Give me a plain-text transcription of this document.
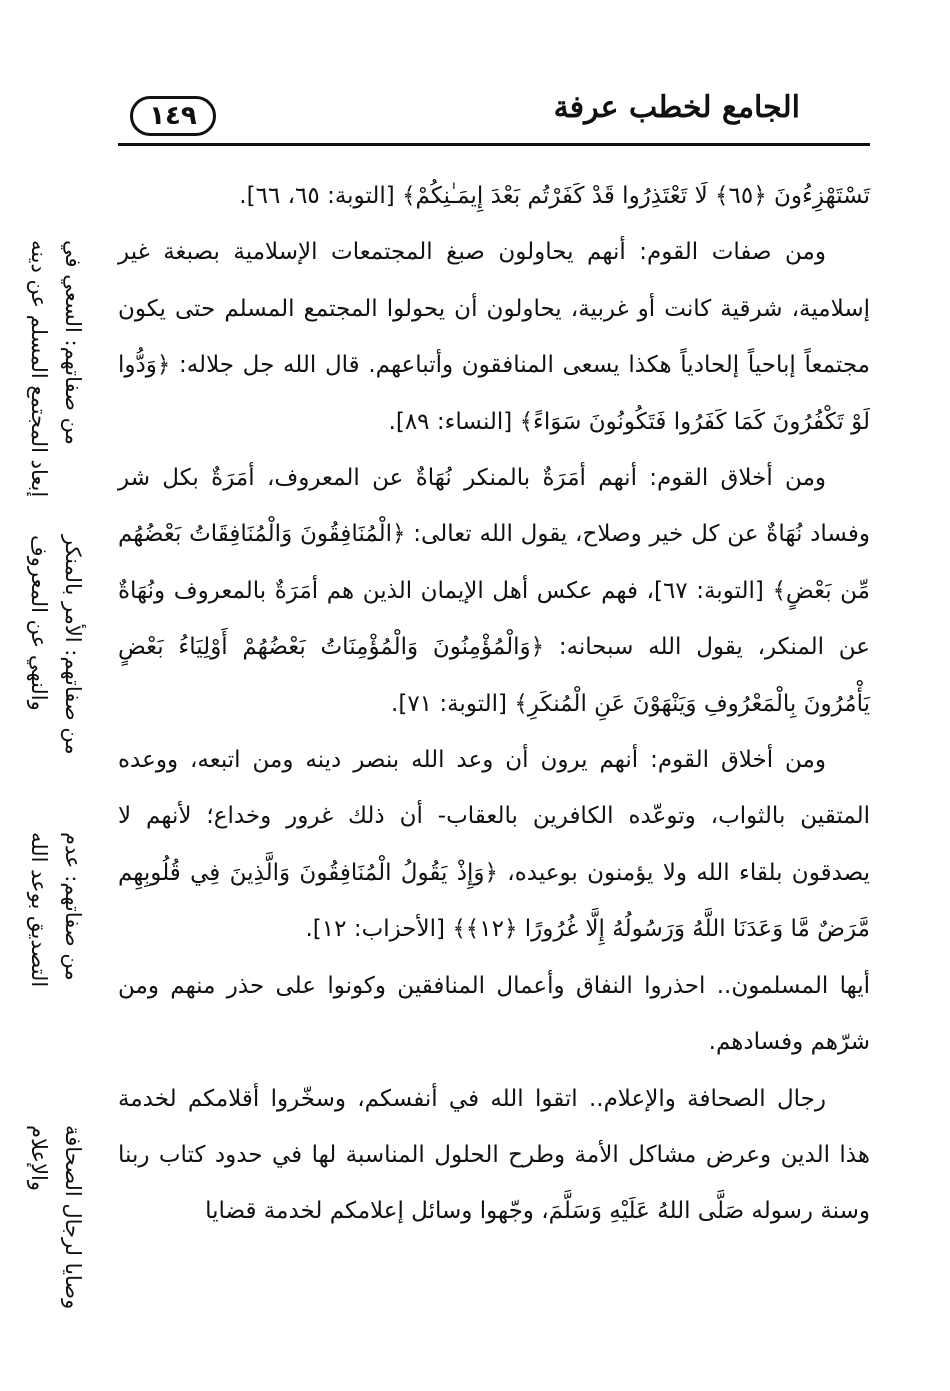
الجامع لخطب عرفة
١٤٩
من صفاتهم: السعي في
إبعاد المجتمع المسلم عن دينه
من صفاتهم: الأمر بالمنكر
والنهي عن المعروف
من صفاتهم: عدم
التصديق بوعد الله
وصايا لرجال الصحافة
والإعلام

تَسْتَهْزِءُونَ ﴿٦٥﴾ لَا تَعْتَذِرُوا قَدْ كَفَرْتُم بَعْدَ إِيمَـٰنِكُمْ﴾ [التوبة: ٦٥، ٦٦].

ومن صفات القوم: أنهم يحاولون صبغ المجتمعات الإسلامية بصبغة غير إسلامية، شرقية كانت أو غربية، يحاولون أن يحولوا المجتمع المسلم حتى يكون مجتمعاً إباحياً إلحادياً هكذا يسعى المنافقون وأتباعهم. قال الله جل جلاله: ﴿وَدُّوا لَوْ تَكْفُرُونَ كَمَا كَفَرُوا فَتَكُونُونَ سَوَاءً﴾ [النساء: ٨٩].

ومن أخلاق القوم: أنهم أمَرَةٌ بالمنكر نُهَاةٌ عن المعروف، أمَرَةٌ بكل شر وفساد نُهَاةٌ عن كل خير وصلاح، يقول الله تعالى: ﴿الْمُنَافِقُونَ وَالْمُنَافِقَاتُ بَعْضُهُم مِّن بَعْضٍ﴾ [التوبة: ٦٧]، فهم عكس أهل الإيمان الذين هم أمَرَةٌ بالمعروف ونُهَاةٌ عن المنكر، يقول الله سبحانه: ﴿وَالْمُؤْمِنُونَ وَالْمُؤْمِنَاتُ بَعْضُهُمْ أَوْلِيَاءُ بَعْضٍ يَأْمُرُونَ بِالْمَعْرُوفِ وَيَنْهَوْنَ عَنِ الْمُنكَرِ﴾ [التوبة: ٧١].

ومن أخلاق القوم: أنهم يرون أن وعد الله بنصر دينه ومن اتبعه، ووعده المتقين بالثواب، وتوعّده الكافرين بالعقاب- أن ذلك غرور وخداع؛ لأنهم لا يصدقون بلقاء الله ولا يؤمنون بوعيده، ﴿وَإِذْ يَقُولُ الْمُنَافِقُونَ وَالَّذِينَ فِي قُلُوبِهِم مَّرَضٌ مَّا وَعَدَنَا اللَّهُ وَرَسُولُهُ إِلَّا غُرُورًا ﴿١٢﴾﴾ [الأحزاب: ١٢].

أيها المسلمون.. احذروا النفاق وأعمال المنافقين وكونوا على حذر منهم ومن شرّهم وفسادهم.

رجال الصحافة والإعلام.. اتقوا الله في أنفسكم، وسخّروا أقلامكم لخدمة هذا الدين وعرض مشاكل الأمة وطرح الحلول المناسبة لها في حدود كتاب ربنا وسنة رسوله صَلَّى اللهُ عَلَيْهِ وَسَلَّمَ، وجّهوا وسائل إعلامكم لخدمة قضايا
